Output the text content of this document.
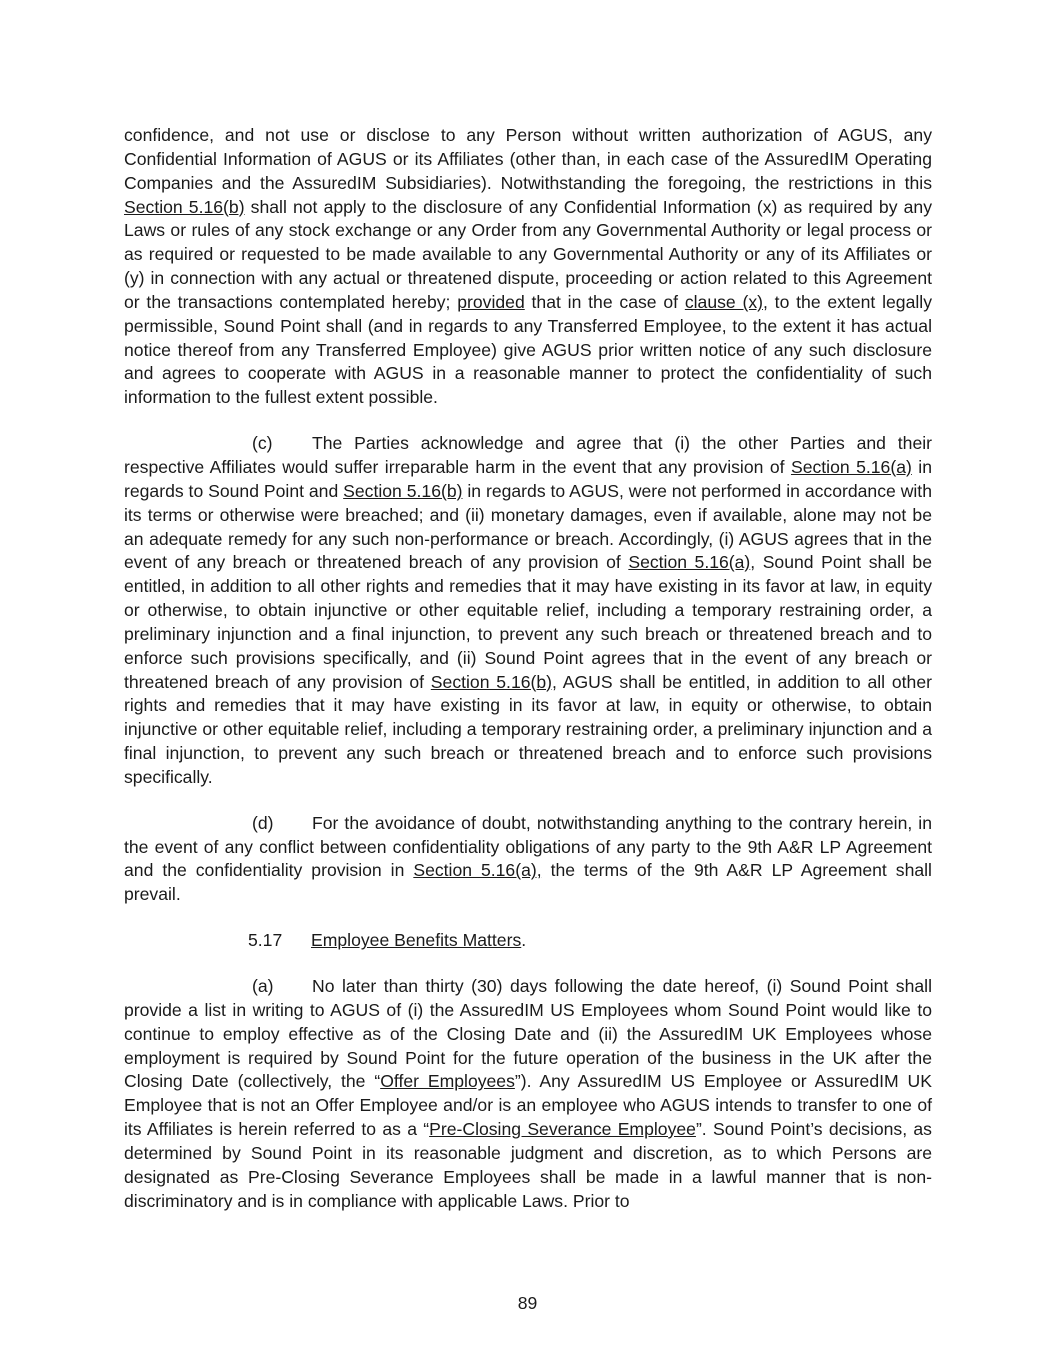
confidence, and not use or disclose to any Person without written authorization of AGUS, any Confidential Information of AGUS or its Affiliates (other than, in each case of the AssuredIM Operating Companies and the AssuredIM Subsidiaries). Notwithstanding the foregoing, the restrictions in this Section 5.16(b) shall not apply to the disclosure of any Confidential Information (x) as required by any Laws or rules of any stock exchange or any Order from any Governmental Authority or legal process or as required or requested to be made available to any Governmental Authority or any of its Affiliates or (y) in connection with any actual or threatened dispute, proceeding or action related to this Agreement or the transactions contemplated hereby; provided that in the case of clause (x), to the extent legally permissible, Sound Point shall (and in regards to any Transferred Employee, to the extent it has actual notice thereof from any Transferred Employee) give AGUS prior written notice of any such disclosure and agrees to cooperate with AGUS in a reasonable manner to protect the confidentiality of such information to the fullest extent possible.

(c) The Parties acknowledge and agree that (i) the other Parties and their respective Affiliates would suffer irreparable harm in the event that any provision of Section 5.16(a) in regards to Sound Point and Section 5.16(b) in regards to AGUS, were not performed in accordance with its terms or otherwise were breached; and (ii) monetary damages, even if available, alone may not be an adequate remedy for any such non-performance or breach. Accordingly, (i) AGUS agrees that in the event of any breach or threatened breach of any provision of Section 5.16(a), Sound Point shall be entitled, in addition to all other rights and remedies that it may have existing in its favor at law, in equity or otherwise, to obtain injunctive or other equitable relief, including a temporary restraining order, a preliminary injunction and a final injunction, to prevent any such breach or threatened breach and to enforce such provisions specifically, and (ii) Sound Point agrees that in the event of any breach or threatened breach of any provision of Section 5.16(b), AGUS shall be entitled, in addition to all other rights and remedies that it may have existing in its favor at law, in equity or otherwise, to obtain injunctive or other equitable relief, including a temporary restraining order, a preliminary injunction and a final injunction, to prevent any such breach or threatened breach and to enforce such provisions specifically.

(d) For the avoidance of doubt, notwithstanding anything to the contrary herein, in the event of any conflict between confidentiality obligations of any party to the 9th A&R LP Agreement and the confidentiality provision in Section 5.16(a), the terms of the 9th A&R LP Agreement shall prevail.

5.17 Employee Benefits Matters.

(a) No later than thirty (30) days following the date hereof, (i) Sound Point shall provide a list in writing to AGUS of (i) the AssuredIM US Employees whom Sound Point would like to continue to employ effective as of the Closing Date and (ii) the AssuredIM UK Employees whose employment is required by Sound Point for the future operation of the business in the UK after the Closing Date (collectively, the “Offer Employees”). Any AssuredIM US Employee or AssuredIM UK Employee that is not an Offer Employee and/or is an employee who AGUS intends to transfer to one of its Affiliates is herein referred to as a “Pre-Closing Severance Employee”. Sound Point’s decisions, as determined by Sound Point in its reasonable judgment and discretion, as to which Persons are designated as Pre-Closing Severance Employees shall be made in a lawful manner that is non-discriminatory and is in compliance with applicable Laws. Prior to

89
